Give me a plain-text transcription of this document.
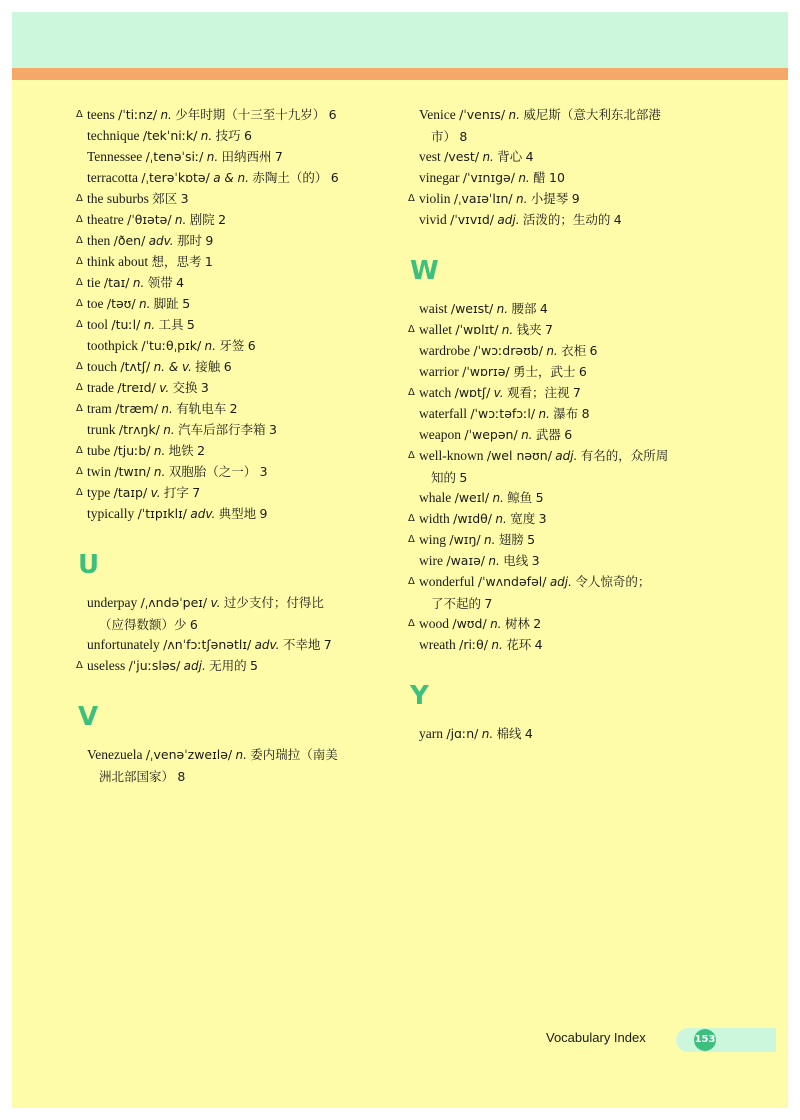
Δ teens /ˈtiːnz/ n. 少年时期（十三至十九岁） 6
technique /tekˈniːk/ n. 技巧 6
Tennessee /ˌtenəˈsiː/ n. 田纳西州 7
terracotta /ˌterəˈkɒtə/ a & n. 赤陶土（的） 6
Δ the suburbs 郊区 3
Δ theatre /ˈθɪətə/ n. 剧院 2
Δ then /ðen/ adv. 那时 9
Δ think about 想，思考 1
Δ tie /taɪ/ n. 领带 4
Δ toe /təʊ/ n. 脚趾 5
Δ tool /tuːl/ n. 工具 5
toothpick /ˈtuːθˌpɪk/ n. 牙签 6
Δ touch /tʌtʃ/ n. & v. 接触 6
Δ trade /treɪd/ v. 交换 3
Δ tram /træm/ n. 有轨电车 2
trunk /trʌŋk/ n. 汽车后部行李箱 3
Δ tube /tjuːb/ n. 地铁 2
Δ twin /twɪn/ n. 双胞胎（之一） 3
Δ type /taɪp/ v. 打字 7
typically /ˈtɪpɪklɪ/ adv. 典型地 9
U
underpay /ˌʌndəˈpeɪ/ v. 过少支付；付得比
（应得数额）少 6
unfortunately /ʌnˈfɔːtʃənətlɪ/ adv. 不幸地 7
Δ useless /ˈjuːsləs/ adj. 无用的 5
V
Venezuela /ˌvenəˈzweɪlə/ n. 委内瑞拉（南美
洲北部国家） 8
Venice /ˈvenɪs/ n. 威尼斯（意大利东北部港
市） 8
vest /vest/ n. 背心 4
vinegar /ˈvɪnɪgə/ n. 醋 10
Δ violin /ˌvaɪəˈlɪn/ n. 小提琴 9
vivid /ˈvɪvɪd/ adj. 活泼的；生动的 4
W
waist /weɪst/ n. 腰部 4
Δ wallet /ˈwɒlɪt/ n. 钱夹 7
wardrobe /ˈwɔːdrəʊb/ n. 衣柜 6
warrior /ˈwɒrɪə/ 勇士，武士 6
Δ watch /wɒtʃ/ v. 观看；注视 7
waterfall /ˈwɔːtəfɔːl/ n. 瀑布 8
weapon /ˈwepən/ n. 武器 6
Δ well-known /wel nəʊn/ adj. 有名的，众所周
知的 5
whale /weɪl/ n. 鲸鱼 5
Δ width /wɪdθ/ n. 宽度 3
Δ wing /wɪŋ/ n. 翅膀 5
wire /waɪə/ n. 电线 3
Δ wonderful /ˈwʌndəfəl/ adj. 令人惊奇的；
了不起的 7
Δ wood /wʊd/ n. 树林 2
wreath /riːθ/ n. 花环 4
Y
yarn /jɑːn/ n. 棉线 4
Vocabulary Index	153
